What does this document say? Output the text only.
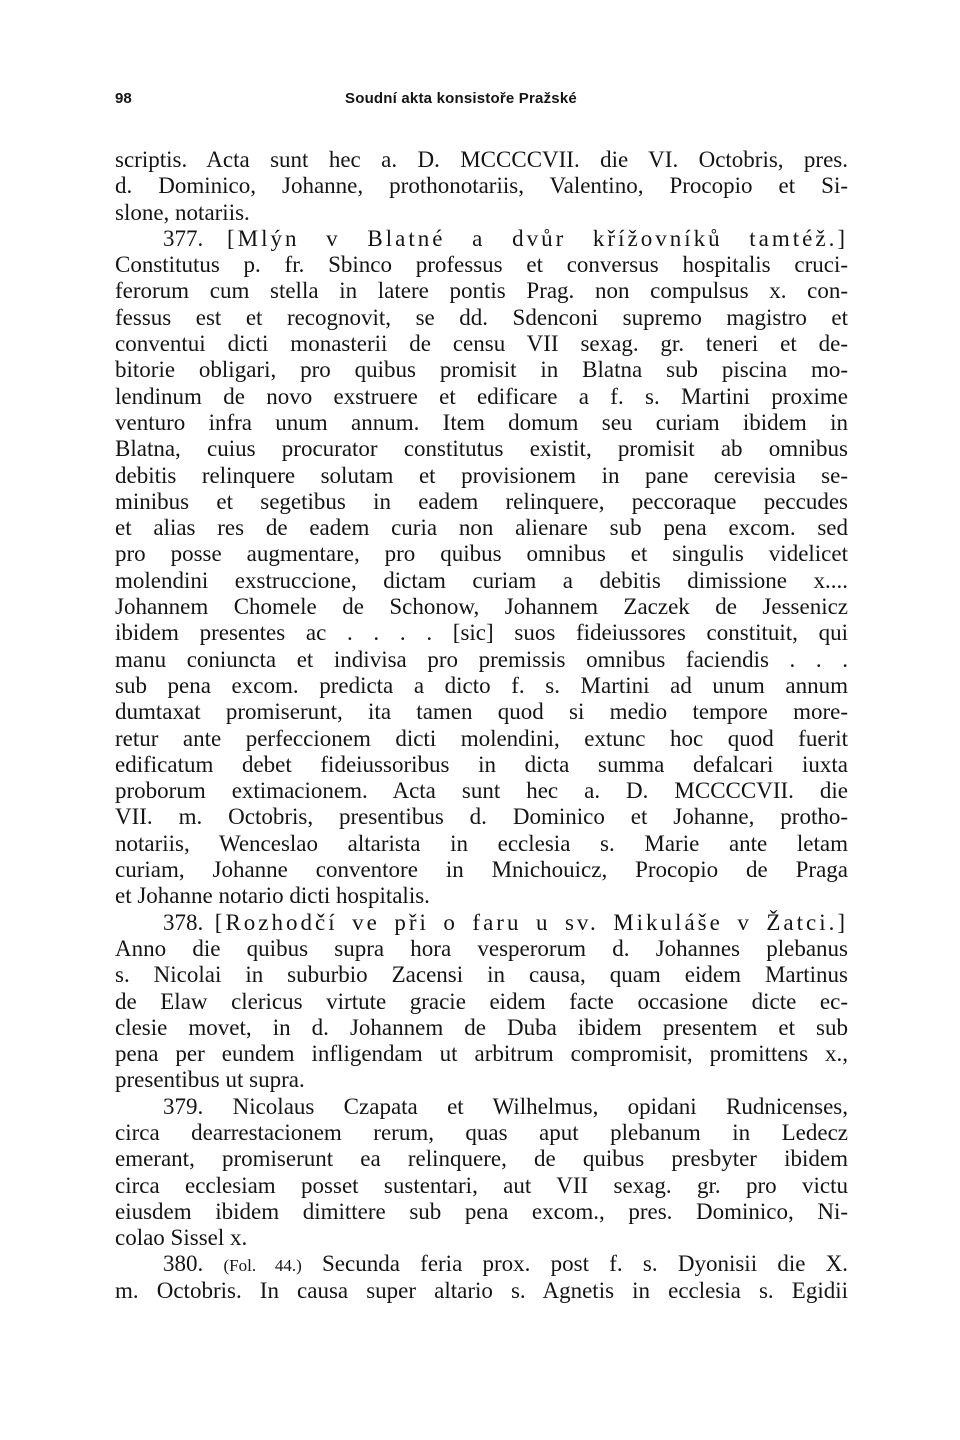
98	Soudní akta konsistoře Pražské
scriptis. Acta sunt hec a. D. MCCCCVII. die VI. Octobris, pres.
d. Dominico, Johanne, prothonotariis, Valentino, Procopio et Si-
slone, notariis.
377. [Mlýn v Blatné a dvůr křížovníků tamtéž.]
Constitutus p. fr. Sbinco professus et conversus hospitalis cruci-
ferorum cum stella in latere pontis Prag. non compulsus x. con-
fessus est et recognovit, se dd. Sdenconi supremo magistro et
conventui dicti monasterii de censu VII sexag. gr. teneri et de-
bitorie obligari, pro quibus promisit in Blatna sub piscina mo-
lendinum de novo exstruere et edificare a f. s. Martini proxime
venturo infra unum annum. Item domum seu curiam ibidem in
Blatna, cuius procurator constitutus existit, promisit ab omnibus
debitis relinquere solutam et provisionem in pane cerevisia se-
minibus et segetibus in eadem relinquere, peccoraque peccudes
et alias res de eadem curia non alienare sub pena excom. sed
pro posse augmentare, pro quibus omnibus et singulis videlicet
molendini exstruccione, dictam curiam a debitis dimissione x....
Johannem Chomele de Schonow, Johannem Zaczek de Jessenicz
ibidem presentes ac . . . . [sic] suos fideiussores constituit, qui
manu coniuncta et indivisa pro premissis omnibus faciendis . . .
sub pena excom. predicta a dicto f. s. Martini ad unum annum
dumtaxat promiserunt, ita tamen quod si medio tempore more-
retur ante perfeccionem dicti molendini, extunc hoc quod fuerit
edificatum debet fideiussoribus in dicta summa defalcari iuxta
proborum extimacionem. Acta sunt hec a. D. MCCCCVII. die
VII. m. Octobris, presentibus d. Dominico et Johanne, protho-
notariis, Wenceslao altarista in ecclesia s. Marie ante letam
curiam, Johanne conventore in Mnichouicz, Procopio de Praga
et Johanne notario dicti hospitalis.
378. [Rozhodčí ve při o faru u sv. Mikuláše v Žatci.]
Anno die quibus supra hora vesperorum d. Johannes plebanus
s. Nicolai in suburbio Zacensi in causa, quam eidem Martinus
de Elaw clericus virtute gracie eidem facte occasione dicte ec-
clesie movet, in d. Johannem de Duba ibidem presentem et sub
pena per eundem infligendam ut arbitrum compromisit, promittens x.,
presentibus ut supra.
379. Nicolaus Czapata et Wilhelmus, opidani Rudnicenses,
circa dearrestacionem rerum, quas aput plebanum in Ledecz
emerant, promiserunt ea relinquere, de quibus presbyter ibidem
circa ecclesiam posset sustentari, aut VII sexag. gr. pro victu
eiusdem ibidem dimittere sub pena excom., pres. Dominico, Ni-
colao Sissel x.
380. (Fol. 44.) Secunda feria prox. post f. s. Dyonisii die X.
m. Octobris. In causa super altario s. Agnetis in ecclesia s. Egidii
